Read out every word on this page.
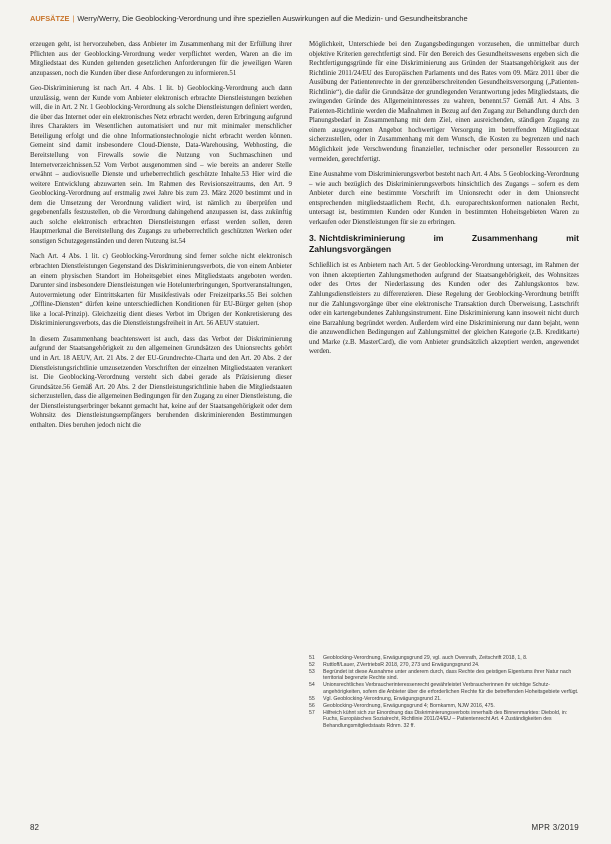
AUFSÄTZE | Werry/Werry, Die Geoblocking-Verordnung und ihre speziellen Auswirkungen auf die Medizin- und Gesundheitsbranche

erzeugen geht, ist hervorzuheben, dass Anbieter im Zusammenhang mit der Erfüllung ihrer Pflichten aus der Geoblocking-Verordnung weder verpflichtet werden, Waren an die im Mitgliedstaat des Kunden geltenden gesetzlichen Anforderungen für die jeweiligen Waren anzupassen, noch die Kunden über diese Anforderungen zu informieren.51

Geo-Diskriminierung ist nach Art. 4 Abs. 1 lit. b) Geoblocking-Verordnung auch dann unzulässig, wenn der Kunde vom Anbieter elektronisch erbrachte Dienstleistungen beziehen will, die in Art. 2 Nr. 1 Geoblocking-Verordnung als solche Dienstleistungen definiert werden, die über das Internet oder ein elektronisches Netz erbracht werden, deren Erbringung aufgrund ihres Charakters im Wesentlichen automatisiert und nur mit minimaler menschlicher Beteiligung erfolgt und die ohne Informationstechnologie nicht erbracht werden können. Gemeint sind damit insbesondere Cloud-Dienste, Data-Warehousing, Webhosting, die Bereitstellung von Firewalls sowie die Nutzung von Suchmaschinen und Internetverzeichnissen.52 Vom Verbot ausgenommen sind – wie bereits an anderer Stelle erwähnt – audiovisuelle Dienste und urheberrechtlich geschützte Inhalte.53 Hier wird die weitere Entwicklung abzuwarten sein. Im Rahmen des Revisionszeitraums, den Art. 9 Geoblocking-Verordnung auf erstmalig zwei Jahre bis zum 23. März 2020 bestimmt und in dem die Umsetzung der Verordnung validiert wird, ist nämlich zu überprüfen und gegebenenfalls festzustellen, ob die Verordnung dahingehend anzupassen ist, dass zukünftig auch solche elektronisch erbrachten Dienstleistungen erfasst werden sollen, deren Hauptmerkmal die Bereitstellung des Zugangs zu urheberrechtlich geschützten Werken oder sonstigen Schutzgegenständen und deren Nutzung ist.54

Nach Art. 4 Abs. 1 lit. c) Geoblocking-Verordnung sind ferner solche nicht elektronisch erbrachten Dienstleistungen Gegenstand des Diskriminierungsverbots, die von einem Anbieter an einem physischen Standort im Hoheitsgebiet eines Mitgliedstaats angeboten werden. Darunter sind insbesondere Dienstleistungen wie Hotelunterbringungen, Sportveranstaltungen, Autovermietung oder Eintrittskarten für Musikfestivals oder Freizeitparks.55 Bei solchen „Offline-Diensten“ dürfen keine unterschiedlichen Konditionen für EU-Bürger gelten (shop like a local-Prinzip). Gleichzeitig dient dieses Verbot im Übrigen der Konkretisierung des Diskriminierungsverbots, das die Dienstleistungsfreiheit in Art. 56 AEUV statuiert.

In diesem Zusammenhang beachtenswert ist auch, dass das Verbot der Diskriminierung aufgrund der Staatsangehörigkeit zu den allgemeinen Grundsätzen des Unionsrechts gehört und in Art. 18 AEUV, Art. 21 Abs. 2 der EU-Grundrechte-Charta und den Art. 20 Abs. 2 der Dienstleistungsrichtlinie umzusetzenden Vorschriften der einzelnen Mitgliedstaaten verankert ist. Die Geoblocking-Verordnung versteht sich dabei gerade als Präzisierung dieser Grundsätze.56 Gemäß Art. 20 Abs. 2 der Dienstleistungsrichtlinie haben die Mitgliedstaaten sicherzustellen, dass die allgemeinen Bedingungen für den Zugang zu einer Dienstleistung, die der Dienstleistungserbringer bekannt gemacht hat, keine auf der Staatsangehörigkeit oder dem Wohnsitz des Dienstleistungsempfängers beruhenden diskriminierenden Bestimmungen enthalten. Dies beruhen jedoch nicht die

Möglichkeit, Unterschiede bei den Zugangsbedingungen vorzusehen, die unmittelbar durch objektive Kriterien gerechtfertigt sind. Für den Bereich des Gesundheitswesens ergeben sich die Rechtfertigungsgründe für eine Diskriminierung aus Gründen der Staatsangehörigkeit aus der Richtlinie 2011/24/EU des Europäischen Parlaments und des Rates vom 09. März 2011 über die Ausübung der Patientenrechte in der grenzüberschreitenden Gesundheitsversorgung („Patienten-Richtlinie“), die dafür die Grundsätze der grundlegenden Verantwortung jedes Mitgliedstaats, die zwingenden Gründe des Allgemeininteresses zu wahren, benennt.57 Gemäß Art. 4 Abs. 3 Patienten-Richtlinie werden die Maßnahmen in Bezug auf den Zugang zur Behandlung durch den Planungsbedarf in Zusammenhang mit dem Ziel, einen ausreichenden, ständigen Zugang zu einem ausgewogenen Angebot hochwertiger Versorgung im betreffenden Mitgliedstaat sicherzustellen, oder in Zusammenhang mit dem Wunsch, die Kosten zu begrenzen und nach Möglichkeit jede Verschwendung finanzieller, technischer oder personeller Ressourcen zu vermeiden, gerechtfertigt.

Eine Ausnahme vom Diskriminierungsverbot besteht nach Art. 4 Abs. 5 Geoblocking-Verordnung – wie auch bezüglich des Diskriminierungsverbots hinsichtlich des Zugangs – sofern es dem Anbieter durch eine bestimmte Vorschrift im Unionsrecht oder in dem Unionsrecht entsprechenden mitgliedstaatlichem Recht, d.h. europarechtskonformen nationalen Recht, untersagt ist, bestimmten Kunden oder Kunden in bestimmten Hoheitsgebieten Waren zu verkaufen oder Dienstleistungen für sie zu erbringen.

3. Nichtdiskriminierung im Zusammenhang mit Zahlungsvorgängen

Schließlich ist es Anbietern nach Art. 5 der Geoblocking-Verordnung untersagt, im Rahmen der von ihnen akzeptierten Zahlungsmethoden aufgrund der Staatsangehörigkeit, des Wohnsitzes oder des Ortes der Niederlassung des Kunden oder des Zahlungskontos bzw. Zahlungsdienstleisters zu differenzieren. Diese Regelung der Geoblocking-Verordnung betrifft nur die Zahlungsvorgänge über eine elektronische Transaktion durch Überweisung, Lastschrift oder ein kartengebundenes Zahlungsinstrument. Eine Diskriminierung kann insoweit nicht durch eine Barzahlung begründet werden. Außerdem wird eine Diskriminierung nur dann bejaht, wenn die anzuwendlichen Bedingungen auf Zahlungsmittel der gleichen Kategorie (z.B. Kreditkarte) und Marke (z.B. MasterCard), die vom Anbieter grundsätzlich akzeptiert werden, angewendet werden.

51	Geoblocking-Verordnung, Erwägungsgrund 29, vgl. auch Ovenrath, Zeitschrift 2018, 1, 8.
52	Ruttloff/Lauer, ZVertriebsR 2018, 270, 273 und Erwägungsgrund 24.
53	Begründet ist diese Ausnahme unter anderem durch, dass Rechte des geistigen Eigentums ihrer Natur nach territorial begrenzte Rechte sind.
54	Unionsrechtliches Verbraucherinteressenrecht gewährleistet Verbraucherinnen ihr wichtige Schutz-angehörigkeiten, sofern die Anbieter über die erforderlichen Rechte für die betreffenden Hoheitsgebiete verfügt.
55	Vgl. Geoblocking-Verordnung, Erwägungsgrund 21.
56	Geoblocking-Verordnung, Erwägungsgrund 4; Bornkamm, NJW 2016, 475.
57	Hilfreich kühnt sich zur Einordnung das Diskriminierungsverbots innerhalb des Binnenmarktes: Diebold, in: Fuchs, Europäisches Sozialrecht, Richtlinie 2011/24/EU – Patientenrecht Art. 4 Zuständigkeiten des Behandlungsmitgliedstaats Rdnrn. 32 ff.
82	MPR 3/2019
